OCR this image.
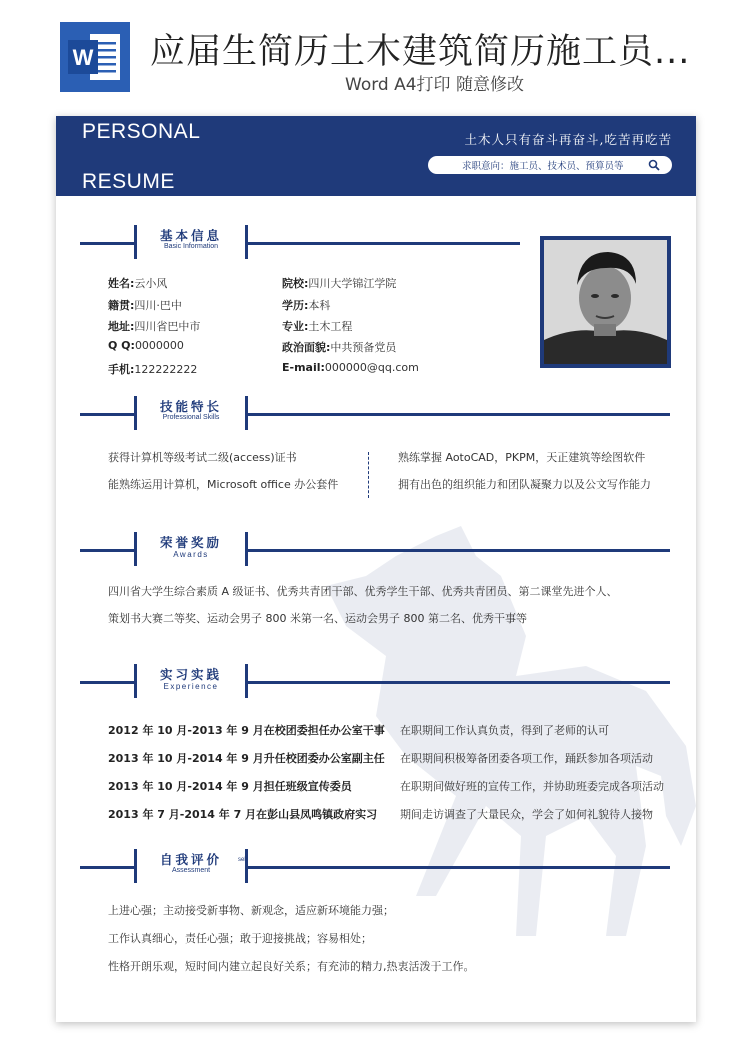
W 应届生简历土木建筑简历施工员...
Word A4打印 随意修改
PERSONAL
RESUME
土木人只有奋斗再奋斗,吃苦再吃苦
求职意向：施工员、技术员、预算员等
基本信息
Basic Information
姓名:云小风
籍贯:四川·巴中
地址:四川省巴中市
Q Q:0000000
手机:122222222
院校:四川大学锦江学院
学历:本科
专业:土木工程
政治面貌:中共预备党员
E-mail:000000@qq.com
技能特长
Professional Skills
获得计算机等级考试二级(access)证书
能熟练运用计算机，Microsoft office 办公套件
熟练掌握 AotoCAD，PKPM，天正建筑等绘图软件
拥有出色的组织能力和团队凝聚力以及公文写作能力
荣誉奖励
Awards
四川省大学生综合素质 A 级证书、优秀共青团干部、优秀学生干部、优秀共青团员、第二课堂先进个人、
策划书大赛二等奖、运动会男子 800 米第一名、运动会男子 800 第二名、优秀干事等
实习实践
Experience
2012 年 10 月-2013 年 9 月在校团委担任办公室干事 在职期间工作认真负责，得到了老师的认可
2013 年 10 月-2014 年 9 月升任校团委办公室副主任 在职期间积极筹备团委各项工作，踊跃参加各项活动
2013 年 10 月-2014 年 9 月担任班级宣传委员	在职期间做好班的宣传工作，并协助班委完成各项活动
2013 年 7 月-2014 年 7 月在彭山县凤鸣镇政府实习 期间走访调查了大量民众，学会了如何礼貌待人接物
自我评价
Assessment
self
上进心强；主动接受新事物、新观念，适应新环境能力强；
工作认真细心，责任心强；敢于迎接挑战；容易相处；
性格开朗乐观，短时间内建立起良好关系；有充沛的精力,热衷活泼于工作。
